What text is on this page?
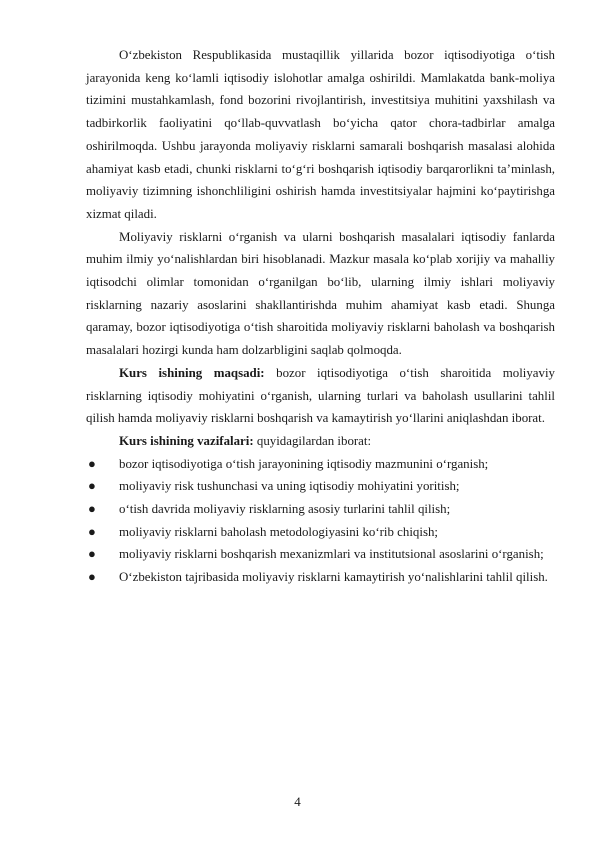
O‘zbekiston Respublikasida mustaqillik yillarida bozor iqtisodiyotiga o‘tish jarayonida keng ko‘lamli iqtisodiy islohotlar amalga oshirildi. Mamlakatda bank-moliya tizimini mustahkamlash, fond bozorini rivojlantirish, investitsiya muhitini yaxshilash va tadbirkorlik faoliyatini qo‘llab-quvvatlash bo‘yicha qator chora-tadbirlar amalga oshirilmoqda. Ushbu jarayonda moliyaviy risklarni samarali boshqarish masalasi alohida ahamiyat kasb etadi, chunki risklarni to‘g‘ri boshqarish iqtisodiy barqarorlikni ta’minlash, moliyaviy tizimning ishonchliligini oshirish hamda investitsiyalar hajmini ko‘paytirishga xizmat qiladi.

Moliyaviy risklarni o‘rganish va ularni boshqarish masalalari iqtisodiy fanlarda muhim ilmiy yo‘nalishlardan biri hisoblanadi. Mazkur masala ko‘plab xorijiy va mahalliy iqtisodchi olimlar tomonidan o‘rganilgan bo‘lib, ularning ilmiy ishlari moliyaviy risklarning nazariy asoslarini shakllantirishda muhim ahamiyat kasb etadi. Shunga qaramay, bozor iqtisodiyotiga o‘tish sharoitida moliyaviy risklarni baholash va boshqarish masalalari hozirgi kunda ham dolzarbligini saqlab qolmoqda.

Kurs ishining maqsadi: bozor iqtisodiyotiga o‘tish sharoitida moliyaviy risklarning iqtisodiy mohiyatini o‘rganish, ularning turlari va baholash usullarini tahlil qilish hamda moliyaviy risklarni boshqarish va kamaytirish yo‘llarini aniqlashdan iborat.

Kurs ishining vazifalari: quyidagilardan iborat:

● bozor iqtisodiyotiga o‘tish jarayonining iqtisodiy mazmunini o‘rganish;
● moliyaviy risk tushunchasi va uning iqtisodiy mohiyatini yoritish;
● o‘tish davrida moliyaviy risklarning asosiy turlarini tahlil qilish;
● moliyaviy risklarni baholash metodologiyasini ko‘rib chiqish;
● moliyaviy risklarni boshqarish mexanizmlari va institutsional asoslarini o‘rganish;
● O‘zbekiston tajribasida moliyaviy risklarni kamaytirish yo‘nalishlarini tahlil qilish.
4
